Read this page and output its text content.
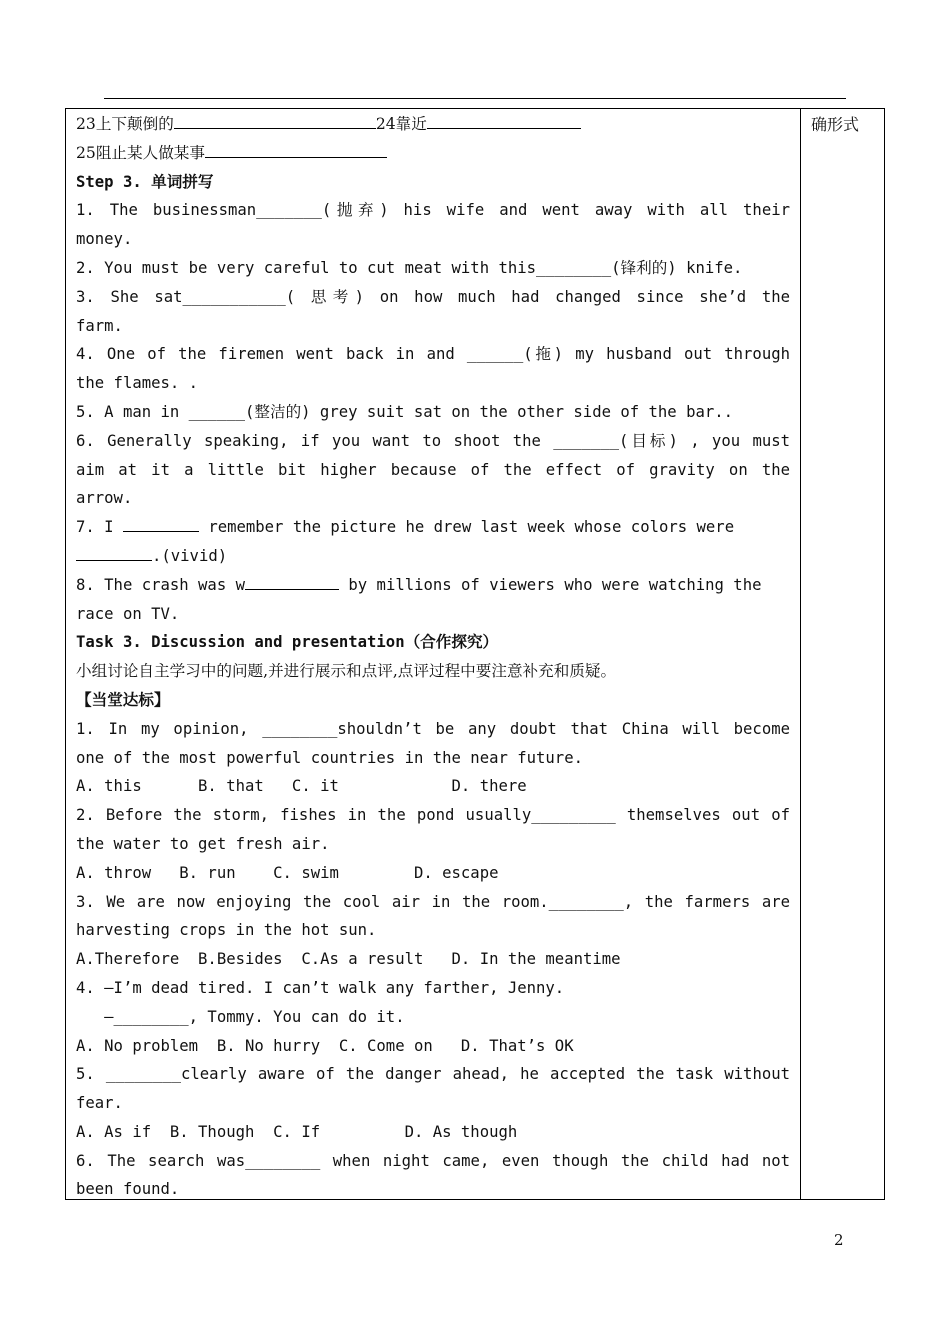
确形式
23上下颠倒的	24靠近
25阻止某人做某事
Step 3. 单词拼写
1. The businessman_______(抛弃) his wife and went away with all their
money.
2. You must be very careful to cut meat with this________(锋利的) knife.
3. She sat___________( 思考) on how much had changed since she’d the
farm.
4. One of the firemen went back in and ______(拖) my husband out through
the flames. .
5. A man in ______(整洁的) grey suit sat on the other side of the bar..
6. Generally speaking, if you want to shoot the _______(目标) , you must
aim at it a little bit higher because of the effect of gravity on the
arrow.
7. I	remember the picture he drew last week whose colors were
.(vivid)
8. The crash was w	by millions of viewers who were watching the
race on TV.
Task 3. Discussion and presentation（合作探究）
小组讨论自主学习中的问题,并进行展示和点评,点评过程中要注意补充和质疑。
【当堂达标】
1. In my opinion, ________shouldn’t be any doubt that China will become
one of the most powerful countries in the near future.
A. this      B. that   C. it            D. there
2. Before the storm, fishes in the pond usually_________ themselves out of
the water to get fresh air.
A. throw   B. run    C. swim        D. escape
3. We are now enjoying the cool air in the room.________, the farmers are
harvesting crops in the hot sun.
A.Therefore  B.Besides  C.As a result   D. In the meantime
4. —I’m dead tired. I can’t walk any farther, Jenny.
—________, Tommy. You can do it.
A. No problem  B. No hurry  C. Come on   D. That’s OK
5. ________clearly aware of the danger ahead, he accepted the task without
fear.
A. As if  B. Though  C. If         D. As though
6. The search was________ when night came, even though the child had not
been found.
2
